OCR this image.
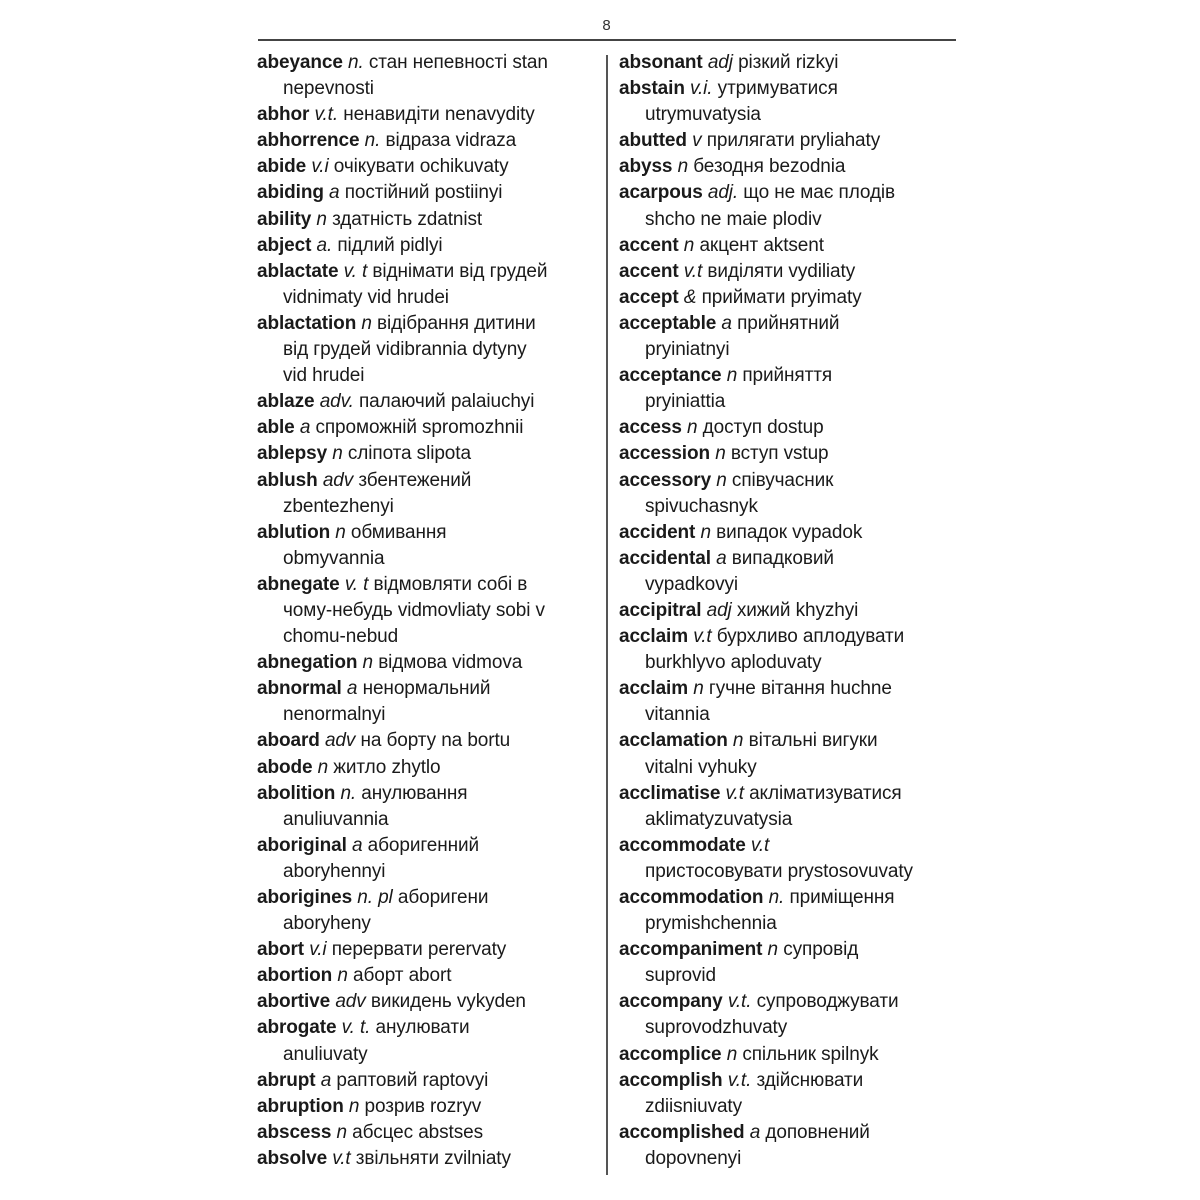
8
abeyance n. стан непевності stan
nepevnosti
abhor v.t. ненавидіти nenavydity
abhorrence n. відраза vidraza
abide v.i очікувати ochikuvaty
abiding a постійний postiinyi
ability n здатність zdatnist
abject a. підлий pidlyi
ablactate v. t віднімати від грудей
vidnimaty vid hrudei
ablactation n відібрання дитини
від грудей vidibrannia dytyny
vid hrudei
ablaze adv. палаючий palaiuchyi
able a спроможній spromozhnii
ablepsy n сліпота slipota
ablush adv збентежений
zbentezhenyi
ablution n обмивання
obmyvannia
abnegate v. t відмовляти собі в
чому-небудь vidmovliaty sobi v
chomu-nebud
abnegation n відмова vidmova
abnormal a ненормальний
nenormalnyi
aboard adv на борту na bortu
abode n житло zhytlo
abolition n. анулювання
anuliuvannia
aboriginal a аборигенний
aboryhennyi
aborigines n. pl аборигени
aboryheny
abort v.i перервати perervaty
abortion n аборт abort
abortive adv викидень vykyden
abrogate v. t. анулювати
anuliuvaty
abrupt a раптовий raptovyi
abruption n розрив rozryv
abscess n абсцес abstses
absolve v.t звільняти zvilniaty
absonant adj різкий rizkyi
abstain v.i. утримуватися
utrymuvatysia
abutted v прилягати pryliahaty
abyss n безодня bezodnia
acarpous adj. що не має плодів
shcho ne maie plodiv
accent n акцент aktsent
accent v.t виділяти vydiliaty
accept & приймати pryimaty
acceptable a прийнятний
pryiniatnyi
acceptance n прийняття
pryiniattia
access n доступ dostup
accession n вступ vstup
accessory n співучасник
spivuchasnyk
accident n випадок vypadok
accidental a випадковий
vypadkovyi
accipitral adj хижий khyzhyi
acclaim v.t бурхливо аплодувати
burkhlyvo aploduvaty
acclaim n гучне вітання huchne
vitannia
acclamation n вітальні вигуки
vitalni vyhuky
acclimatise v.t акліматизуватися
aklimatyzuvatysia
accommodate v.t
пристосовувати prystosovuvaty
accommodation n. приміщення
prymishchennia
accompaniment n супровід
suprovid
accompany v.t. супроводжувати
suprovodzhuvaty
accomplice n спільник spilnyk
accomplish v.t. здійснювати
zdiisniuvaty
accomplished a доповнений
dopovnenyi
